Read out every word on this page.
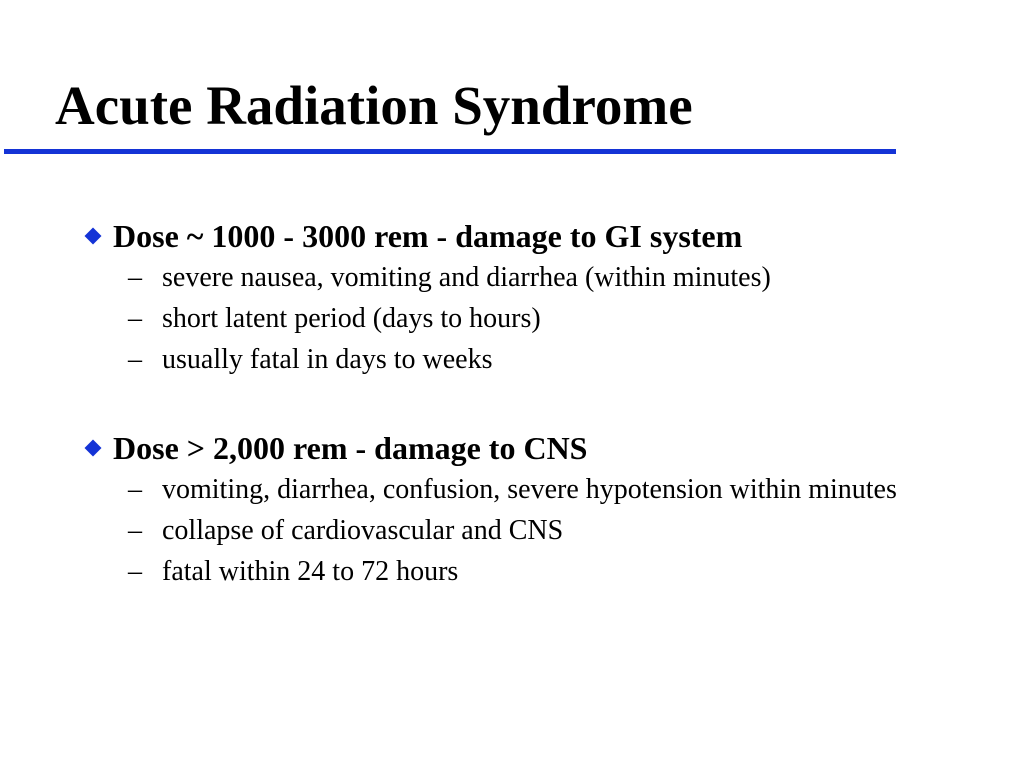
Acute Radiation Syndrome
Dose ~ 1000 - 3000 rem - damage to GI system
– severe nausea, vomiting and diarrhea (within minutes)
– short latent period (days to hours)
– usually fatal in days to weeks
Dose > 2,000 rem - damage to CNS
– vomiting, diarrhea, confusion, severe hypotension within minutes
– collapse of cardiovascular and CNS
– fatal within 24 to 72 hours
